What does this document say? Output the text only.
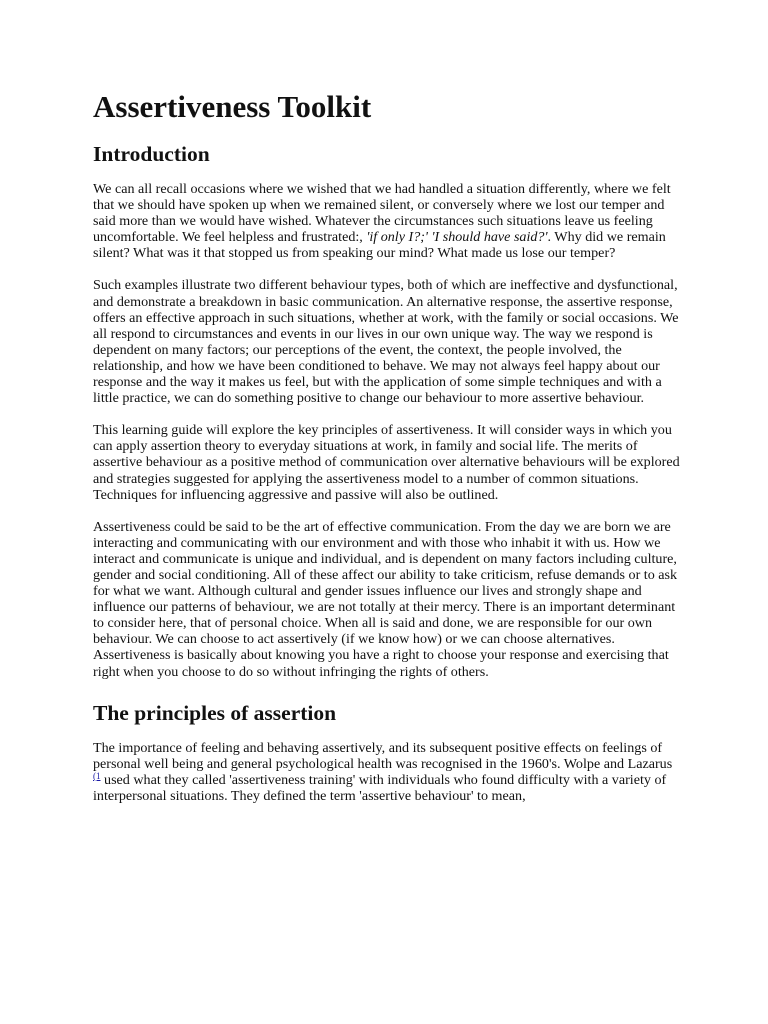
Assertiveness Toolkit
Introduction

We can all recall occasions where we wished that we had handled a situation differently, where we felt that we should have spoken up when we remained silent, or conversely where we lost our temper and said more than we would have wished. Whatever the circumstances such situations leave us feeling uncomfortable. We feel helpless and frustrated:, 'if only I?;' 'I should have said?'. Why did we remain silent? What was it that stopped us from speaking our mind? What made us lose our temper?

Such examples illustrate two different behaviour types, both of which are ineffective and dysfunctional, and demonstrate a breakdown in basic communication. An alternative response, the assertive response, offers an effective approach in such situations, whether at work, with the family or social occasions. We all respond to circumstances and events in our lives in our own unique way. The way we respond is dependent on many factors; our perceptions of the event, the context, the people involved, the relationship, and how we have been conditioned to behave. We may not always feel happy about our response and the way it makes us feel, but with the application of some simple techniques and with a little practice, we can do something positive to change our behaviour to more assertive behaviour.

This learning guide will explore the key principles of assertiveness. It will consider ways in which you can apply assertion theory to everyday situations at work, in family and social life. The merits of assertive behaviour as a positive method of communication over alternative behaviours will be explored and strategies suggested for applying the assertiveness model to a number of common situations. Techniques for influencing aggressive and passive will also be outlined.

Assertiveness could be said to be the art of effective communication. From the day we are born we are interacting and communicating with our environment and with those who inhabit it with us. How we interact and communicate is unique and individual, and is dependent on many factors including culture, gender and social conditioning. All of these affect our ability to take criticism, refuse demands or to ask for what we want. Although cultural and gender issues influence our lives and strongly shape and influence our patterns of behaviour, we are not totally at their mercy. There is an important determinant to consider here, that of personal choice. When all is said and done, we are responsible for our own behaviour. We can choose to act assertively (if we know how) or we can choose alternatives. Assertiveness is basically about knowing you have a right to choose your response and exercising that right when you choose to do so without infringing the rights of others.

The principles of assertion

The importance of feeling and behaving assertively, and its subsequent positive effects on feelings of personal well being and general psychological health was recognised in the 1960's. Wolpe and Lazarus $^{(1}$ used what they called 'assertiveness training' with individuals who found difficulty with a variety of interpersonal situations. They defined the term 'assertive behaviour' to mean,
